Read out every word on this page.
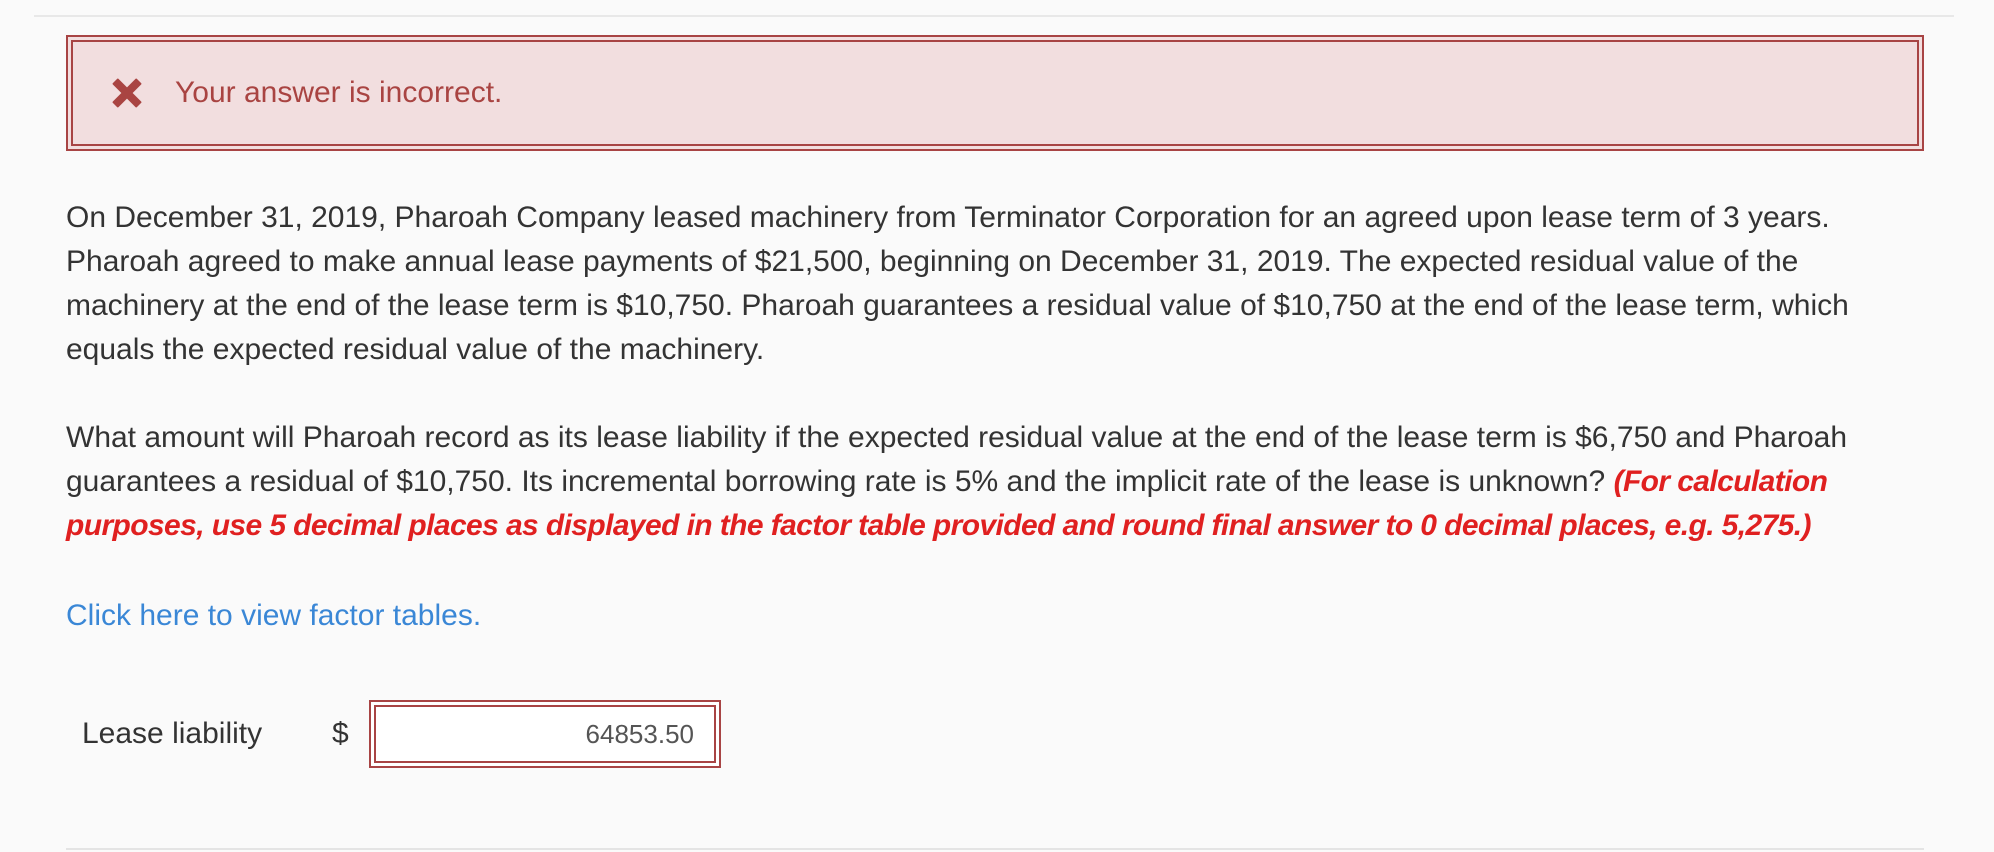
Your answer is incorrect.

On December 31, 2019, Pharoah Company leased machinery from Terminator Corporation for an agreed upon lease term of 3 years. Pharoah agreed to make annual lease payments of $21,500, beginning on December 31, 2019. The expected residual value of the machinery at the end of the lease term is $10,750. Pharoah guarantees a residual value of $10,750 at the end of the lease term, which equals the expected residual value of the machinery.

What amount will Pharoah record as its lease liability if the expected residual value at the end of the lease term is $6,750 and Pharoah guarantees a residual of $10,750. Its incremental borrowing rate is 5% and the implicit rate of the lease is unknown? (For calculation purposes, use 5 decimal places as displayed in the factor table provided and round final answer to 0 decimal places, e.g. 5,275.)

Click here to view factor tables.
Lease liability	$
64853.50
